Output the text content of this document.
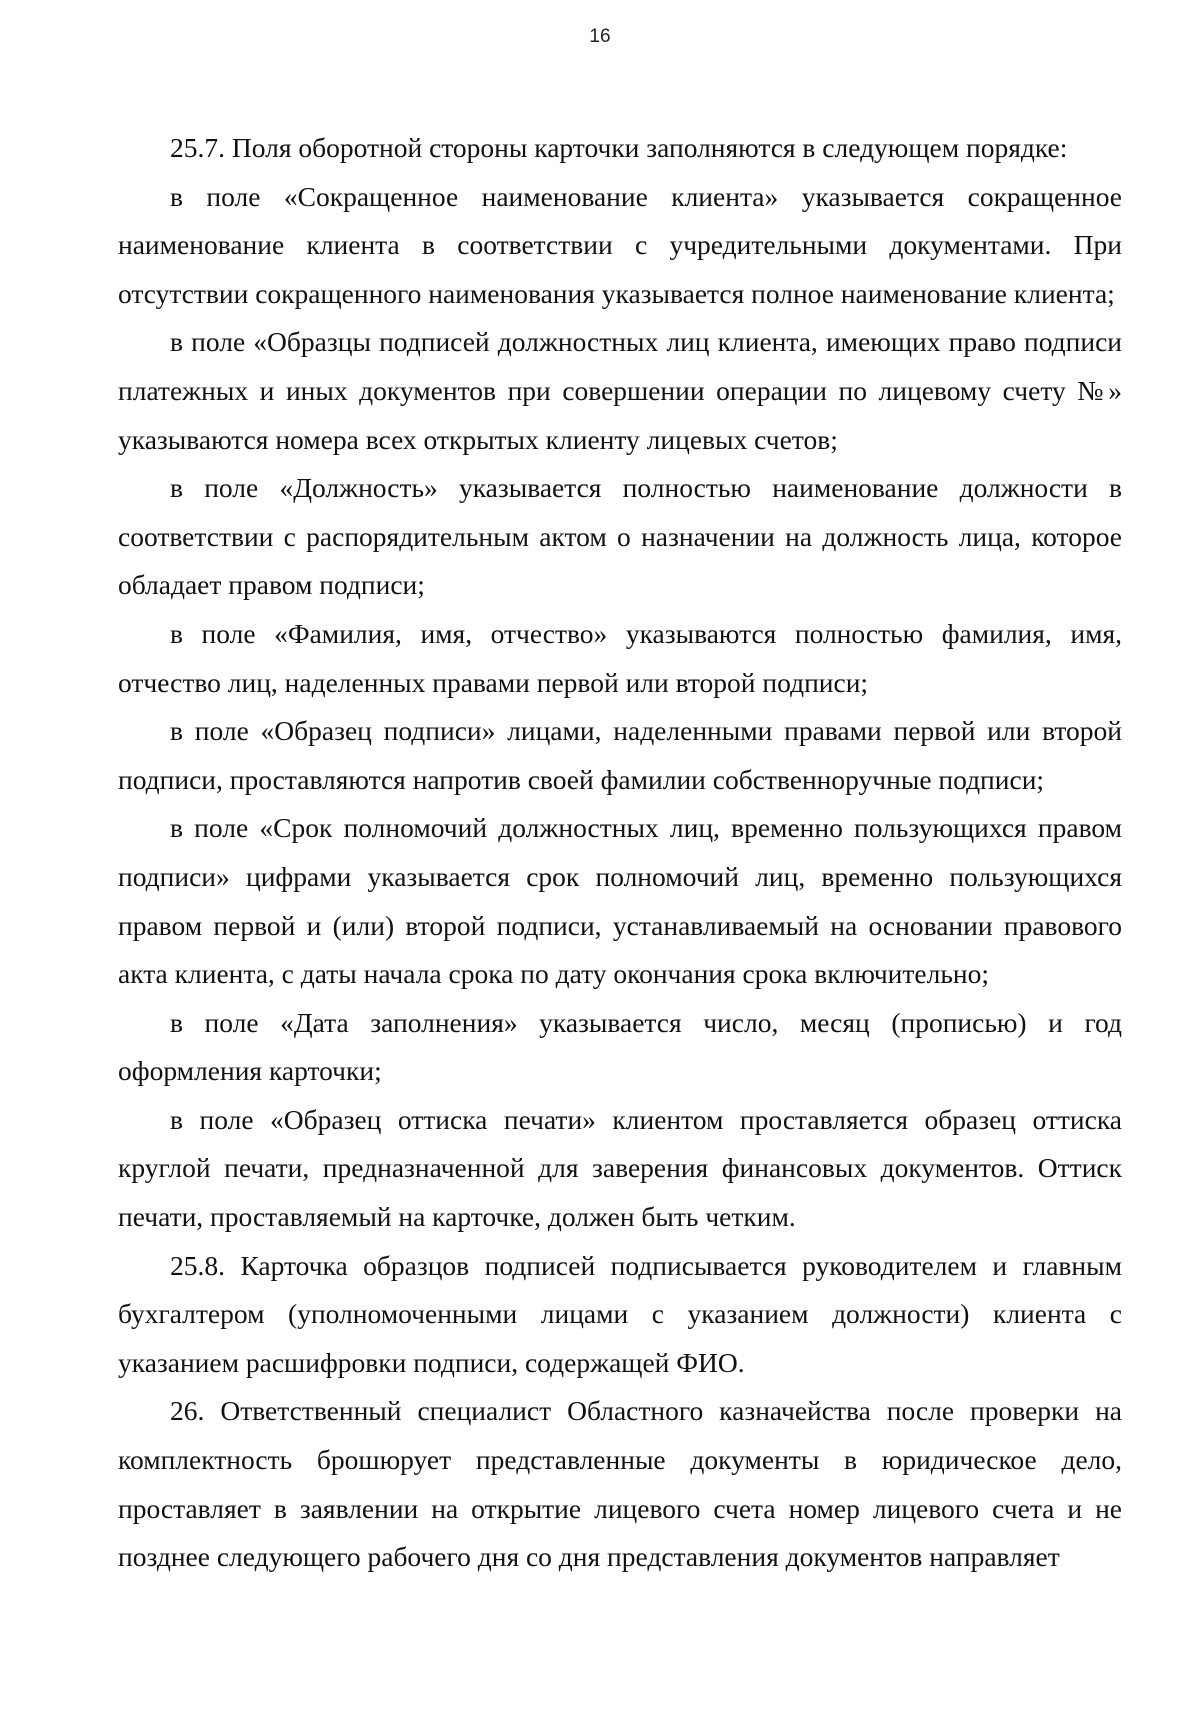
16

25.7. Поля оборотной стороны карточки заполняются в следующем порядке:

в поле «Сокращенное наименование клиента» указывается сокращенное наименование клиента в соответствии с учредительными документами. При отсутствии сокращенного наименования указывается полное наименование клиента;

в поле «Образцы подписей должностных лиц клиента, имеющих право подписи платежных и иных документов при совершении операции по лицевому счету №» указываются номера всех открытых клиенту лицевых счетов;

в поле «Должность» указывается полностью наименование должности в соответствии с распорядительным актом о назначении на должность лица, которое обладает правом подписи;

в поле «Фамилия, имя, отчество» указываются полностью фамилия, имя, отчество лиц, наделенных правами первой или второй подписи;

в поле «Образец подписи» лицами, наделенными правами первой или второй подписи, проставляются напротив своей фамилии собственноручные подписи;

в поле «Срок полномочий должностных лиц, временно пользующихся правом подписи» цифрами указывается срок полномочий лиц, временно пользующихся правом первой и (или) второй подписи, устанавливаемый на основании правового акта клиента, с даты начала срока по дату окончания срока включительно;

в поле «Дата заполнения» указывается число, месяц (прописью) и год оформления карточки;

в поле «Образец оттиска печати» клиентом проставляется образец оттиска круглой печати, предназначенной для заверения финансовых документов. Оттиск печати, проставляемый на карточке, должен быть четким.

25.8. Карточка образцов подписей подписывается руководителем и главным бухгалтером (уполномоченными лицами с указанием должности) клиента с указанием расшифровки подписи, содержащей ФИО.

26. Ответственный специалист Областного казначейства после проверки на комплектность брошюрует представленные документы в юридическое дело, проставляет в заявлении на открытие лицевого счета номер лицевого счета и не позднее следующего рабочего дня со дня представления документов направляет
